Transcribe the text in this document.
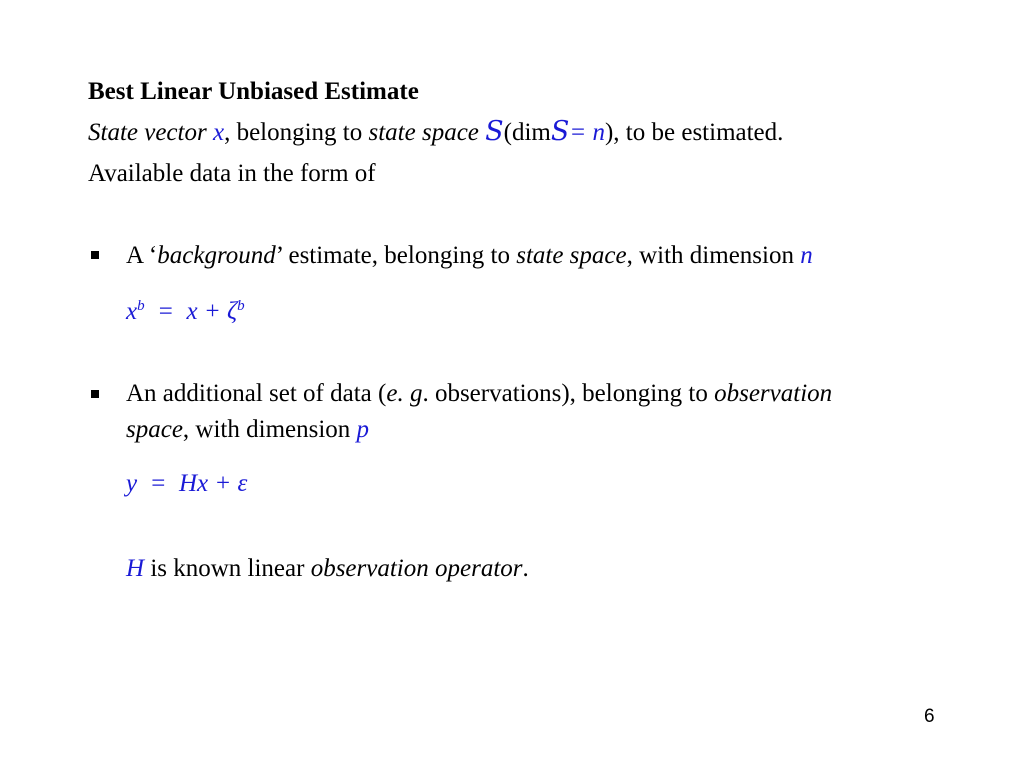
Best Linear Unbiased Estimate
State vector x, belonging to state space S(dimS= n), to be estimated.
Available data in the form of
A ‘background’ estimate, belonging to state space, with dimension n
$x^b = x + \zeta^b$
An additional set of data (e. g. observations), belonging to observation
space, with dimension p
y  =  Hx + ε
H is known linear observation operator.
6
